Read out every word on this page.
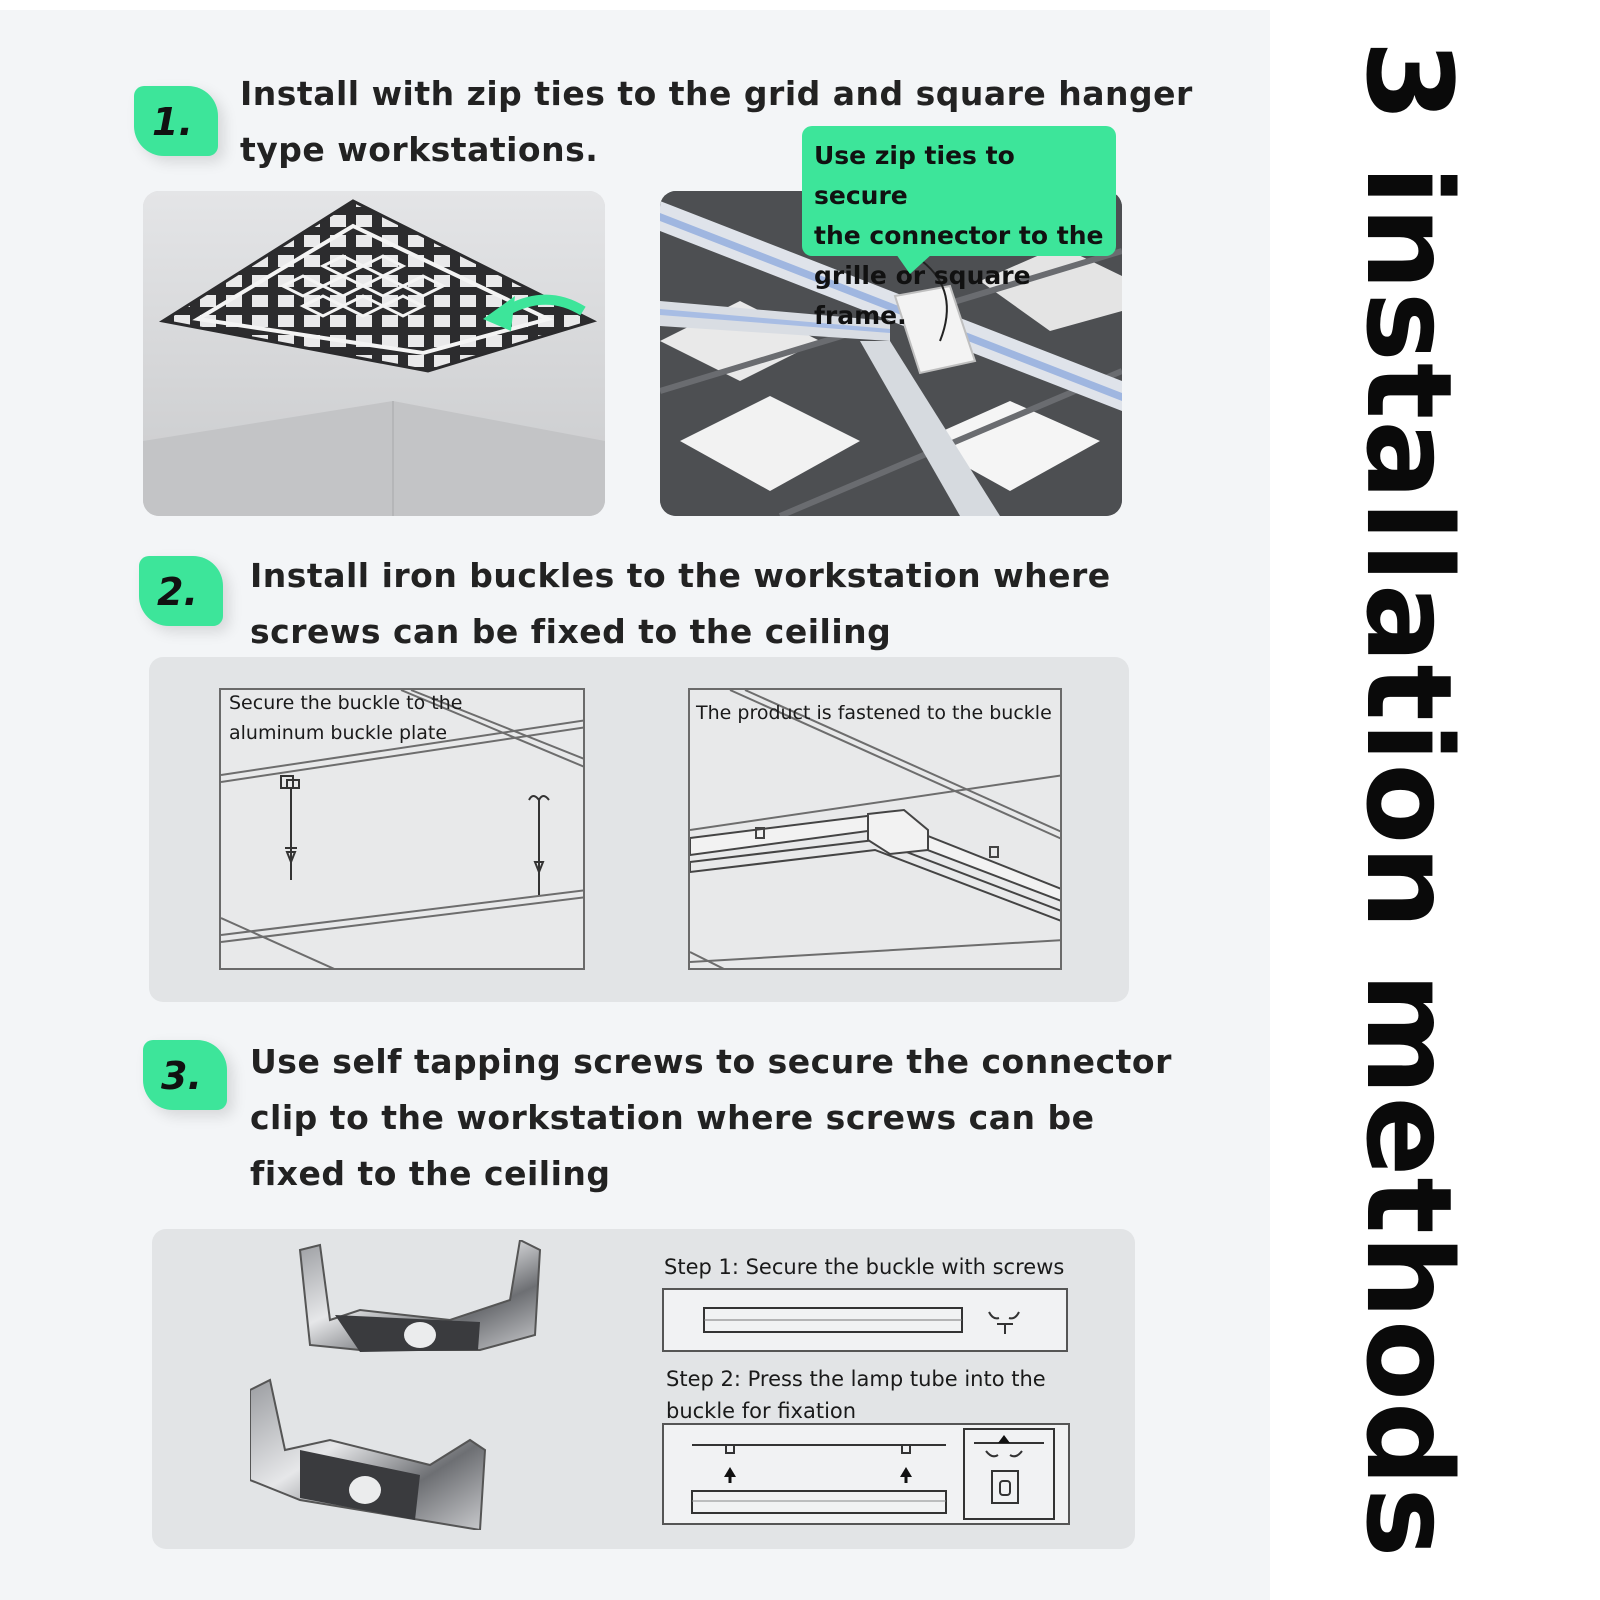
1.
Install with zip ties to the grid and square hanger
type workstations.	Use zip ties to secure
the connector to the
grille or square frame.
2. Install iron buckles to the workstation where
screws can be fixed to the ceiling
Secure the buckle to the
aluminum buckle plate
The product is fastened to the buckle
3. Use self tapping screws to secure the connector
clip to the workstation where screws can be
fixed to the ceiling
Step 1: Secure the buckle with screws
Step 2: Press the lamp tube into the
buckle for fixation	3 installation methods
